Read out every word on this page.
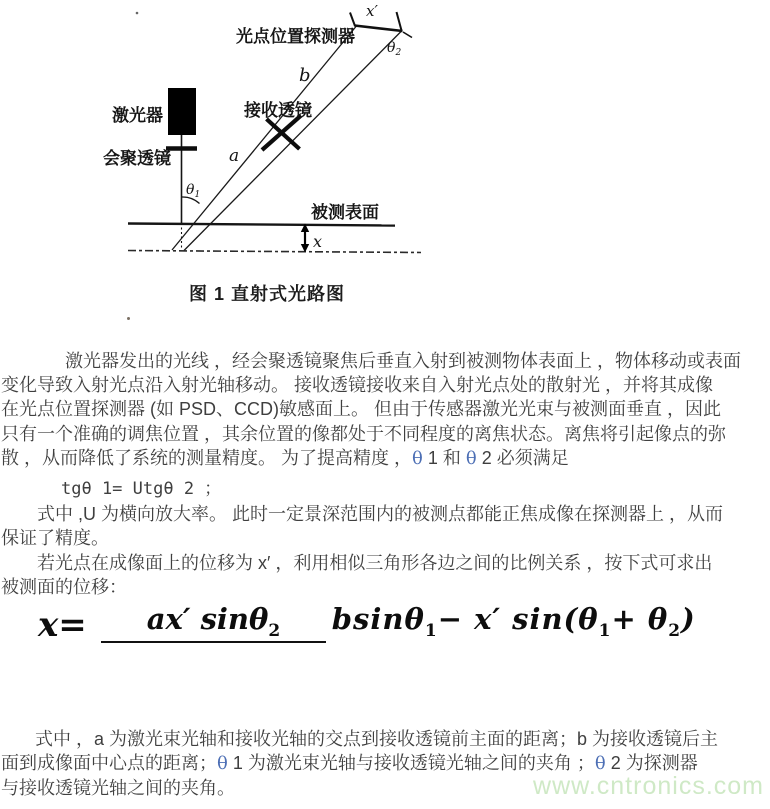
光点位置探测器
激光器	接收透镜
会聚透镜
被测表面
x′
$\theta_2$
b
a
$\theta_1$
x
图 1 直射式光路图
激光器发出的光线 ，经会聚透镜聚焦后垂直入射到被测物体表面上 ，物体移动或表面
变化导致入射光点沿入射光轴移动。 接收透镜接收来自入射光点处的散射光 ，并将其成像
在光点位置探测器 (如 PSD、CCD)敏感面上。 但由于传感器激光光束与被测面垂直 ，因此
只有一个准确的调焦位置 ，其余位置的像都处于不同程度的离焦状态。离焦将引起像点的弥
散 ，从而降低了系统的测量精度。 为了提高精度 ，θ 1 和 θ 2 必须满足
tgθ 1= Utgθ 2 ；
式中 ,U 为横向放大率。 此时一定景深范围内的被测点都能正焦成像在探测器上 ，从而
保证了精度。
若光点在成像面上的位移为 x′ ，利用相似三角形各边之间的比例关系 ，按下式可求出
被测面的位移：
x=	ax′ sinθ$_2$ bsinθ$_1$− x′ $\sin(\theta_1+ \theta_2)$
式中 ，a 为激光束光轴和接收光轴的交点到接收透镜前主面的距离；b 为接收透镜后主
面到成像面中心点的距离；θ 1 为激光束光轴与接收透镜光轴之间的夹角 ；θ 2 为探测器
与接收透镜光轴之间的夹角。	www.cntronics.com
